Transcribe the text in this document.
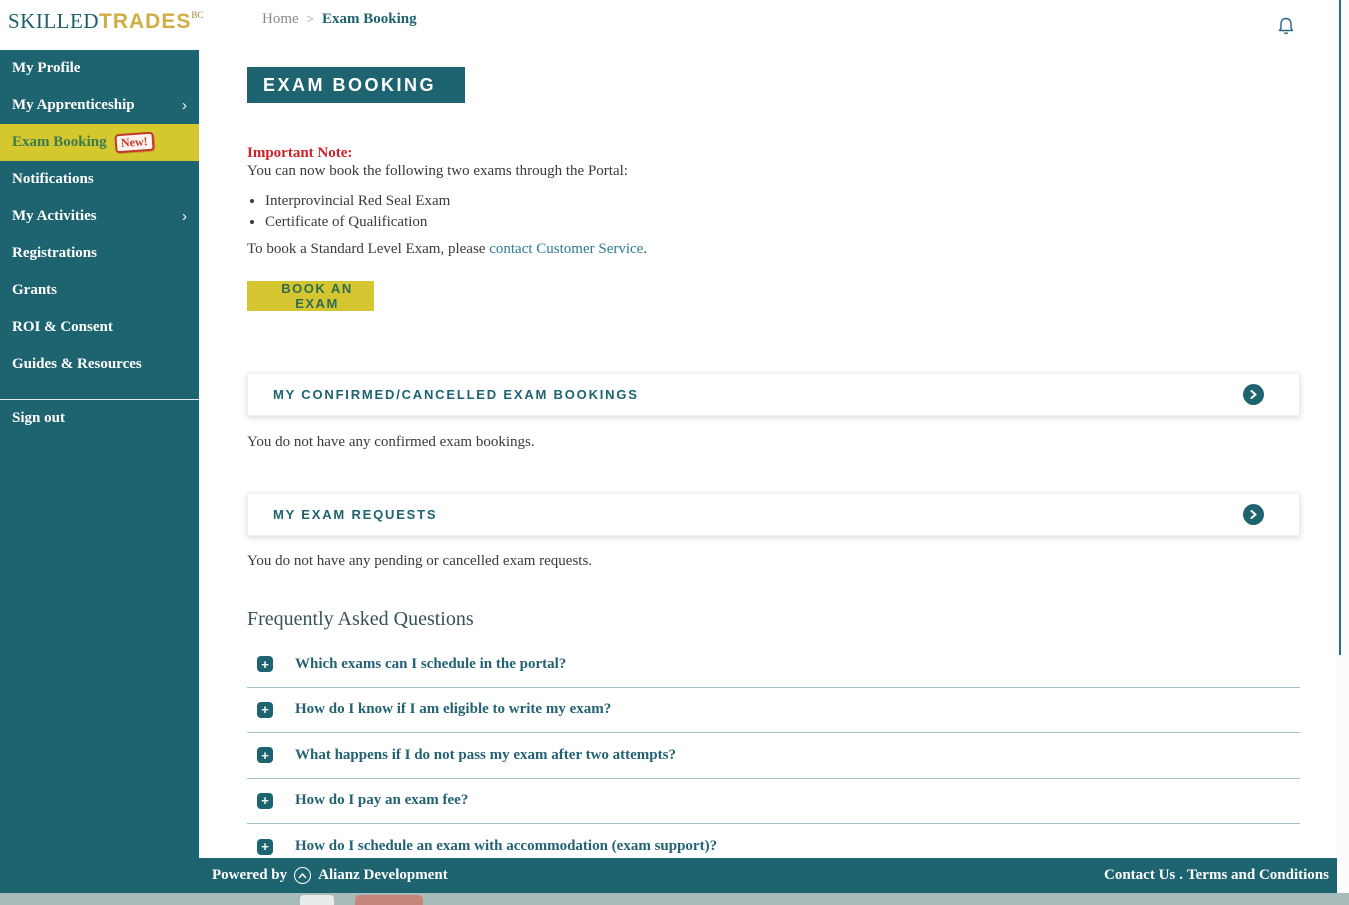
$SKILLEDTRADES^{BC}$	Home > Exam Booking
My Profile
My Apprenticeship	›
Exam Booking New!
Notifications
My Activities	›
Registrations
Grants
ROI & Consent
Guides & Resources
Sign out
EXAM BOOKING
Important Note:
You can now book the following two exams through the Portal:
• Interprovincial Red Seal Exam
• Certificate of Qualification
To book a Standard Level Exam, please contact Customer Service.
BOOK AN EXAM
MY CONFIRMED/CANCELLED EXAM BOOKINGS
You do not have any confirmed exam bookings.
MY EXAM REQUESTS
You do not have any pending or cancelled exam requests.
Frequently Asked Questions
+ Which exams can I schedule in the portal?
+ How do I know if I am eligible to write my exam?
+ What happens if I do not pass my exam after two attempts?
+ How do I pay an exam fee?
+ How do I schedule an exam with accommodation (exam support)?
Powered by Alianz Development	Contact Us . Terms and Conditions
